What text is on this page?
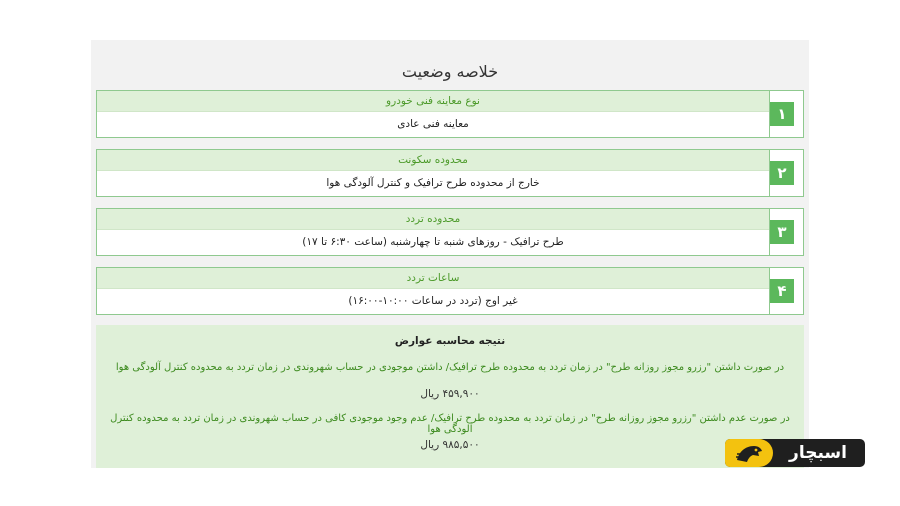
خلاصه وضعیت
نوع معاینه فنی خودرو
معاینه فنی عادی
۱
محدوده سکونت
خارج از محدوده طرح ترافیک و کنترل آلودگی هوا
۲
محدوده تردد
طرح ترافیک - روزهای شنبه تا چهارشنبه (ساعت ۶:۳۰ تا ۱۷)
۳
ساعات تردد
غیر اوج (تردد در ساعات ۱۰:۰۰-۱۶:۰۰)
۴
نتیجه محاسبه عوارض
در صورت داشتن "رزرو مجوز روزانه طرح" در زمان تردد به محدوده طرح ترافیک/ داشتن موجودی در حساب شهروندی در زمان تردد به محدوده کنترل آلودگی هوا
۴۵۹,۹۰۰ ریال
در صورت عدم داشتن "رزرو مجوز روزانه طرح" در زمان تردد به محدوده طرح ترافیک/ عدم وجود موجودی کافی در حساب شهروندی در زمان تردد به محدوده کنترل آلودگی هوا
۹۸۵,۵۰۰ ریال	اسبچار
